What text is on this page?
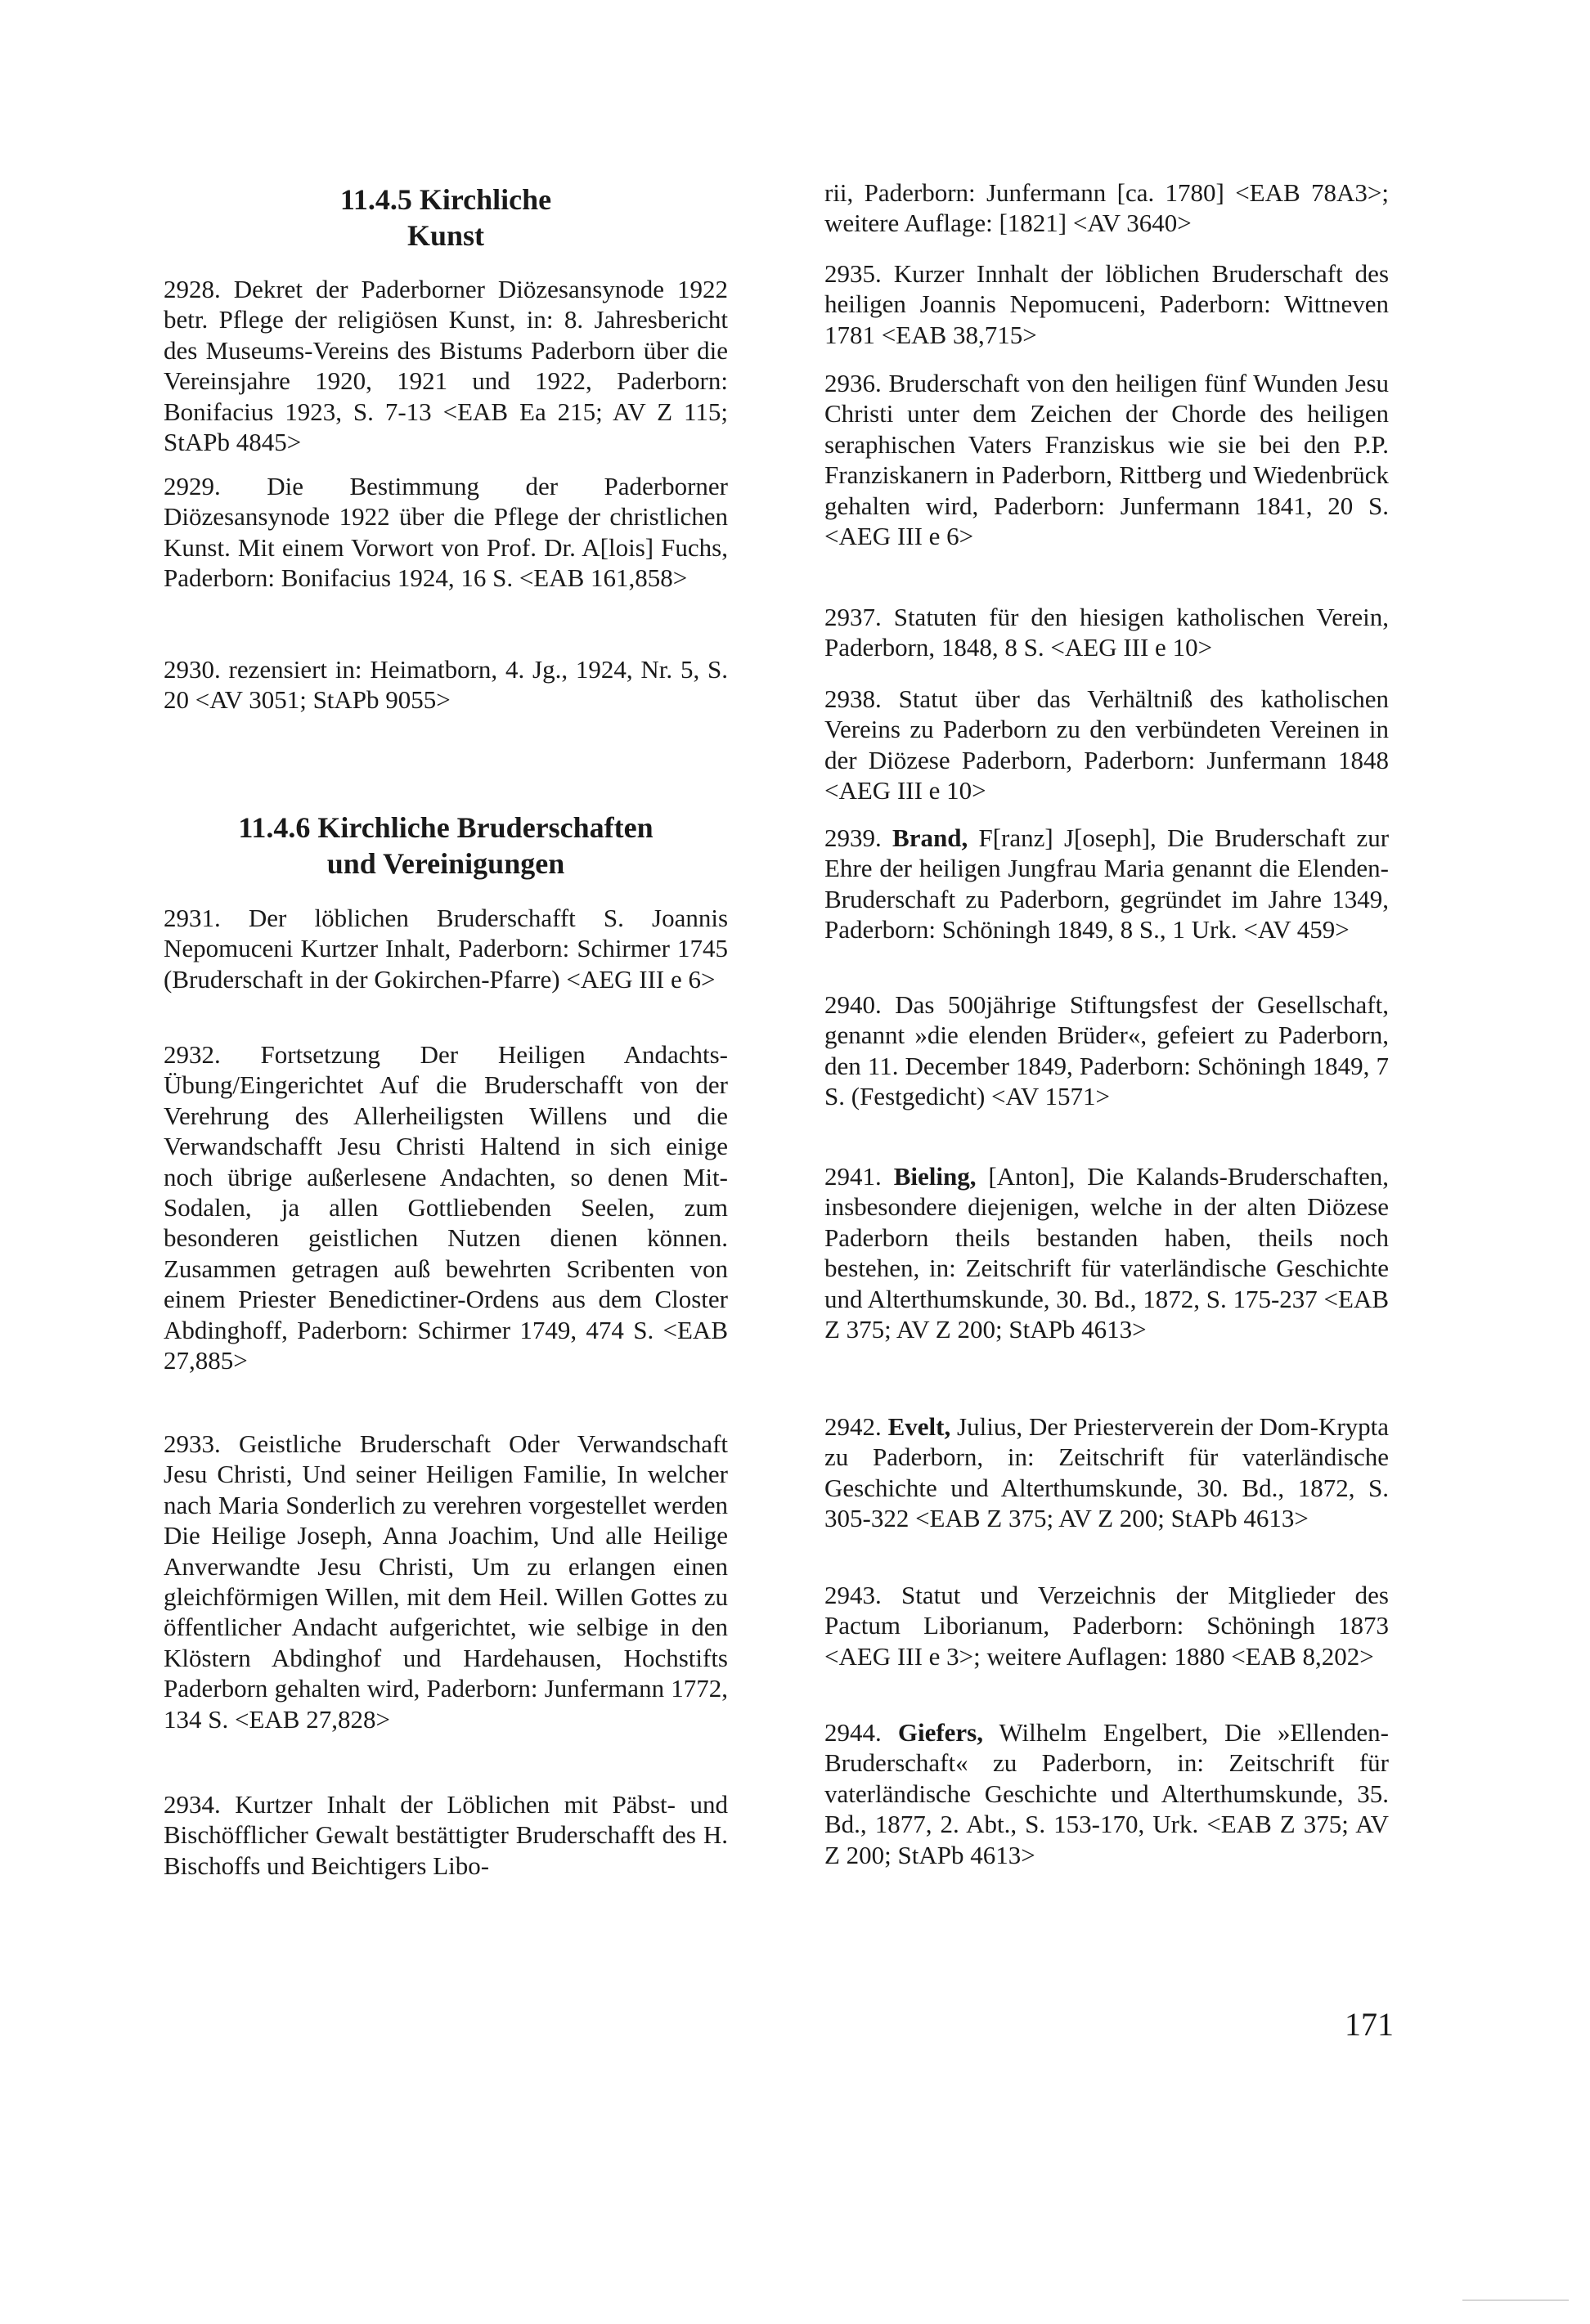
11.4.5 Kirchliche
Kunst

2928. Dekret der Paderborner Diözesansynode 1922 betr. Pflege der religiösen Kunst, in: 8. Jahresbericht des Museums-Vereins des Bistums Paderborn über die Vereinsjahre 1920, 1921 und 1922, Paderborn: Bonifacius 1923, S. 7-13 <EAB Ea 215; AV Z 115; StAPb 4845>

2929. Die Bestimmung der Paderborner Diözesansynode 1922 über die Pflege der christlichen Kunst. Mit einem Vorwort von Prof. Dr. A[lois] Fuchs, Paderborn: Bonifacius 1924, 16 S. <EAB 161,858>

2930. rezensiert in: Heimatborn, 4. Jg., 1924, Nr. 5, S. 20 <AV 3051; StAPb 9055>

11.4.6 Kirchliche Bruderschaften
und Vereinigungen

2931. Der löblichen Bruderschafft S. Joannis Nepomuceni Kurtzer Inhalt, Paderborn: Schirmer 1745 (Bruderschaft in der Gokirchen-Pfarre) <AEG III e 6>

2932. Fortsetzung Der Heiligen Andachts-Übung/Eingerichtet Auf die Bruderschafft von der Verehrung des Allerheiligsten Willens und die Verwandschafft Jesu Christi Haltend in sich einige noch übrige außerlesene Andachten, so denen Mit-Sodalen, ja allen Gottliebenden Seelen, zum besonderen geistlichen Nutzen dienen können. Zusammen getragen auß bewehrten Scribenten von einem Priester Benedictiner-Ordens aus dem Closter Abdinghoff, Paderborn: Schirmer 1749, 474 S. <EAB 27,885>

2933. Geistliche Bruderschaft Oder Verwandschaft Jesu Christi, Und seiner Heiligen Familie, In welcher nach Maria Sonderlich zu verehren vorgestellet werden Die Heilige Joseph, Anna Joachim, Und alle Heilige Anverwandte Jesu Christi, Um zu erlangen einen gleichförmigen Willen, mit dem Heil. Willen Gottes zu öffentlicher Andacht aufgerichtet, wie selbige in den Klöstern Abdinghof und Hardehausen, Hochstifts Paderborn gehalten wird, Paderborn: Junfermann 1772, 134 S. <EAB 27,828>

2934. Kurtzer Inhalt der Löblichen mit Päbst- und Bischöfflicher Gewalt bestättigter Bruderschafft des H. Bischoffs und Beichtigers Libo-

rii, Paderborn: Junfermann [ca. 1780] <EAB 78A3>; weitere Auflage: [1821] <AV 3640>

2935. Kurzer Innhalt der löblichen Bruderschaft des heiligen Joannis Nepomuceni, Paderborn: Wittneven 1781 <EAB 38,715>

2936. Bruderschaft von den heiligen fünf Wunden Jesu Christi unter dem Zeichen der Chorde des heiligen seraphischen Vaters Franziskus wie sie bei den P.P. Franziskanern in Paderborn, Rittberg und Wiedenbrück gehalten wird, Paderborn: Junfermann 1841, 20 S. <AEG III e 6>

2937. Statuten für den hiesigen katholischen Verein, Paderborn, 1848, 8 S. <AEG III e 10>

2938. Statut über das Verhältniß des katholischen Vereins zu Paderborn zu den verbündeten Vereinen in der Diözese Paderborn, Paderborn: Junfermann 1848 <AEG III e 10>

2939. Brand, F[ranz] J[oseph], Die Bruderschaft zur Ehre der heiligen Jungfrau Maria genannt die Elenden-Bruderschaft zu Paderborn, gegründet im Jahre 1349, Paderborn: Schöningh 1849, 8 S., 1 Urk. <AV 459>

2940. Das 500jährige Stiftungsfest der Gesellschaft, genannt »die elenden Brüder«, gefeiert zu Paderborn, den 11. December 1849, Paderborn: Schöningh 1849, 7 S. (Festgedicht) <AV 1571>

2941. Bieling, [Anton], Die Kalands-Bruderschaften, insbesondere diejenigen, welche in der alten Diözese Paderborn theils bestanden haben, theils noch bestehen, in: Zeitschrift für vaterländische Geschichte und Alterthumskunde, 30. Bd., 1872, S. 175-237 <EAB Z 375; AV Z 200; StAPb 4613>

2942. Evelt, Julius, Der Priesterverein der Dom-Krypta zu Paderborn, in: Zeitschrift für vaterländische Geschichte und Alterthumskunde, 30. Bd., 1872, S. 305-322 <EAB Z 375; AV Z 200; StAPb 4613>

2943. Statut und Verzeichnis der Mitglieder des Pactum Liborianum, Paderborn: Schöningh 1873 <AEG III e 3>; weitere Auflagen: 1880 <EAB 8,202>

2944. Giefers, Wilhelm Engelbert, Die »Ellenden-Bruderschaft« zu Paderborn, in: Zeitschrift für vaterländische Geschichte und Alterthumskunde, 35. Bd., 1877, 2. Abt., S. 153-170, Urk. <EAB Z 375; AV Z 200; StAPb 4613>

171
